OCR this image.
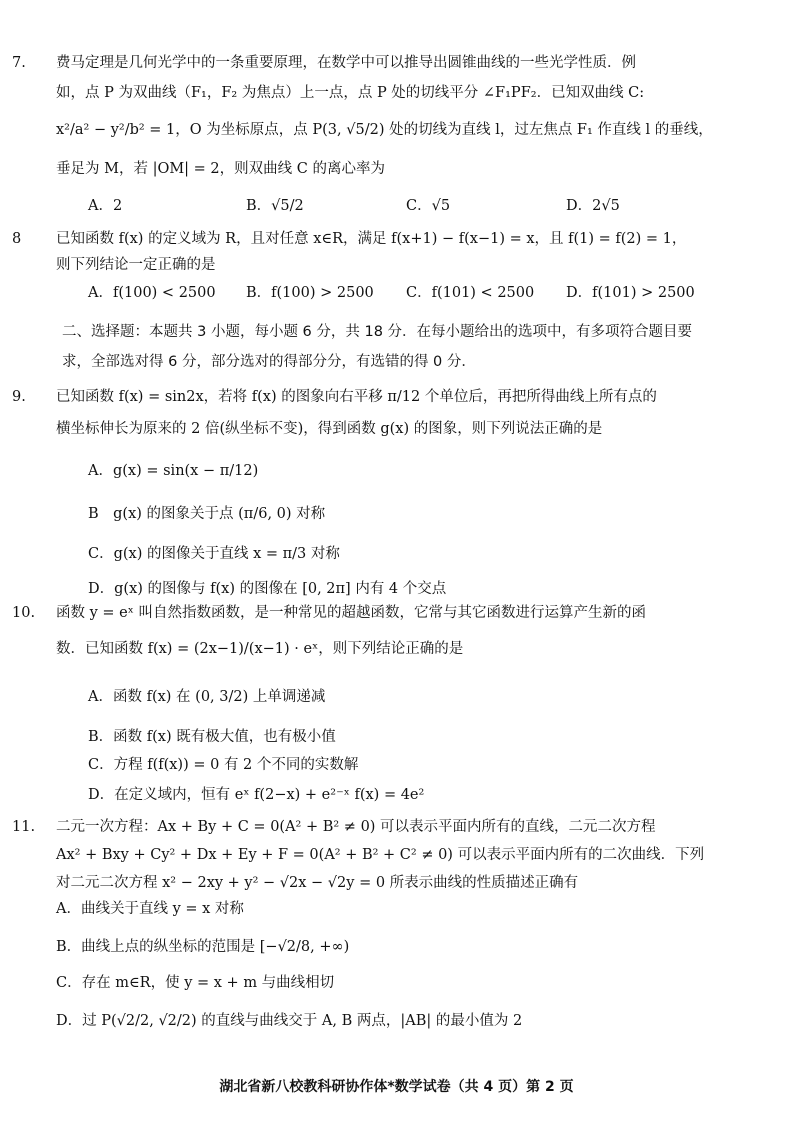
7.	费马定理是几何光学中的一条重要原理，在数学中可以推导出圆锥曲线的一些光学性质．例
如，点 P 为双曲线（F₁，F₂ 为焦点）上一点，点 P 处的切线平分 ∠F₁PF₂．已知双曲线 C:
x²/a² − y²/b² = 1，O 为坐标原点，点 P(3, √5/2) 处的切线为直线 l，过左焦点 F₁ 作直线 l 的垂线，
垂足为 M，若 |OM| = 2，则双曲线 C 的离心率为
A．2	B．√5/2	C．√5	D．2√5
8	已知函数 f(x) 的定义域为 R，且对任意 x∈R，满足 f(x+1) − f(x−1) = x，且 f(1) = f(2) = 1，
则下列结论一定正确的是
A．f(100) < 2500 B．f(100) > 2500 C．f(101) < 2500 D．f(101) > 2500
二、选择题：本题共 3 小题，每小题 6 分，共 18 分．在每小题给出的选项中，有多项符合题目要
求，全部选对得 6 分，部分选对的得部分分，有选错的得 0 分．
9.	已知函数 f(x) = sin2x，若将 f(x) 的图象向右平移 π/12 个单位后，再把所得曲线上所有点的
横坐标伸长为原来的 2 倍(纵坐标不变)，得到函数 g(x) 的图象，则下列说法正确的是
A．g(x) = sin(x − π/12)
B　g(x) 的图象关于点 (π/6, 0) 对称
C．g(x) 的图像关于直线 x = π/3 对称
D．g(x) 的图像与 f(x) 的图像在 [0, 2π] 内有 4 个交点
10.	函数 y = eˣ 叫自然指数函数，是一种常见的超越函数，它常与其它函数进行运算产生新的函
数．已知函数 f(x) = (2x−1)/(x−1) · eˣ，则下列结论正确的是
A．函数 f(x) 在 (0, 3/2) 上单调递减
B．函数 f(x) 既有极大值，也有极小值
C．方程 f(f(x)) = 0 有 2 个不同的实数解
D．在定义域内，恒有 eˣ f(2−x) + e²⁻ˣ f(x) = 4e²
11.	二元一次方程：Ax + By + C = 0(A² + B² ≠ 0) 可以表示平面内所有的直线，二元二次方程
Ax² + Bxy + Cy² + Dx + Ey + F = 0(A² + B² + C² ≠ 0) 可以表示平面内所有的二次曲线．下列
对二元二次方程 x² − 2xy + y² − √2x − √2y = 0 所表示曲线的性质描述正确有
A．曲线关于直线 y = x 对称
B．曲线上点的纵坐标的范围是 [−√2/8, +∞)
C．存在 m∈R，使 y = x + m 与曲线相切
D．过 P(√2/2, √2/2) 的直线与曲线交于 A, B 两点，|AB| 的最小值为 2
湖北省新八校教科研协作体*数学试卷（共 4 页）第 2 页
